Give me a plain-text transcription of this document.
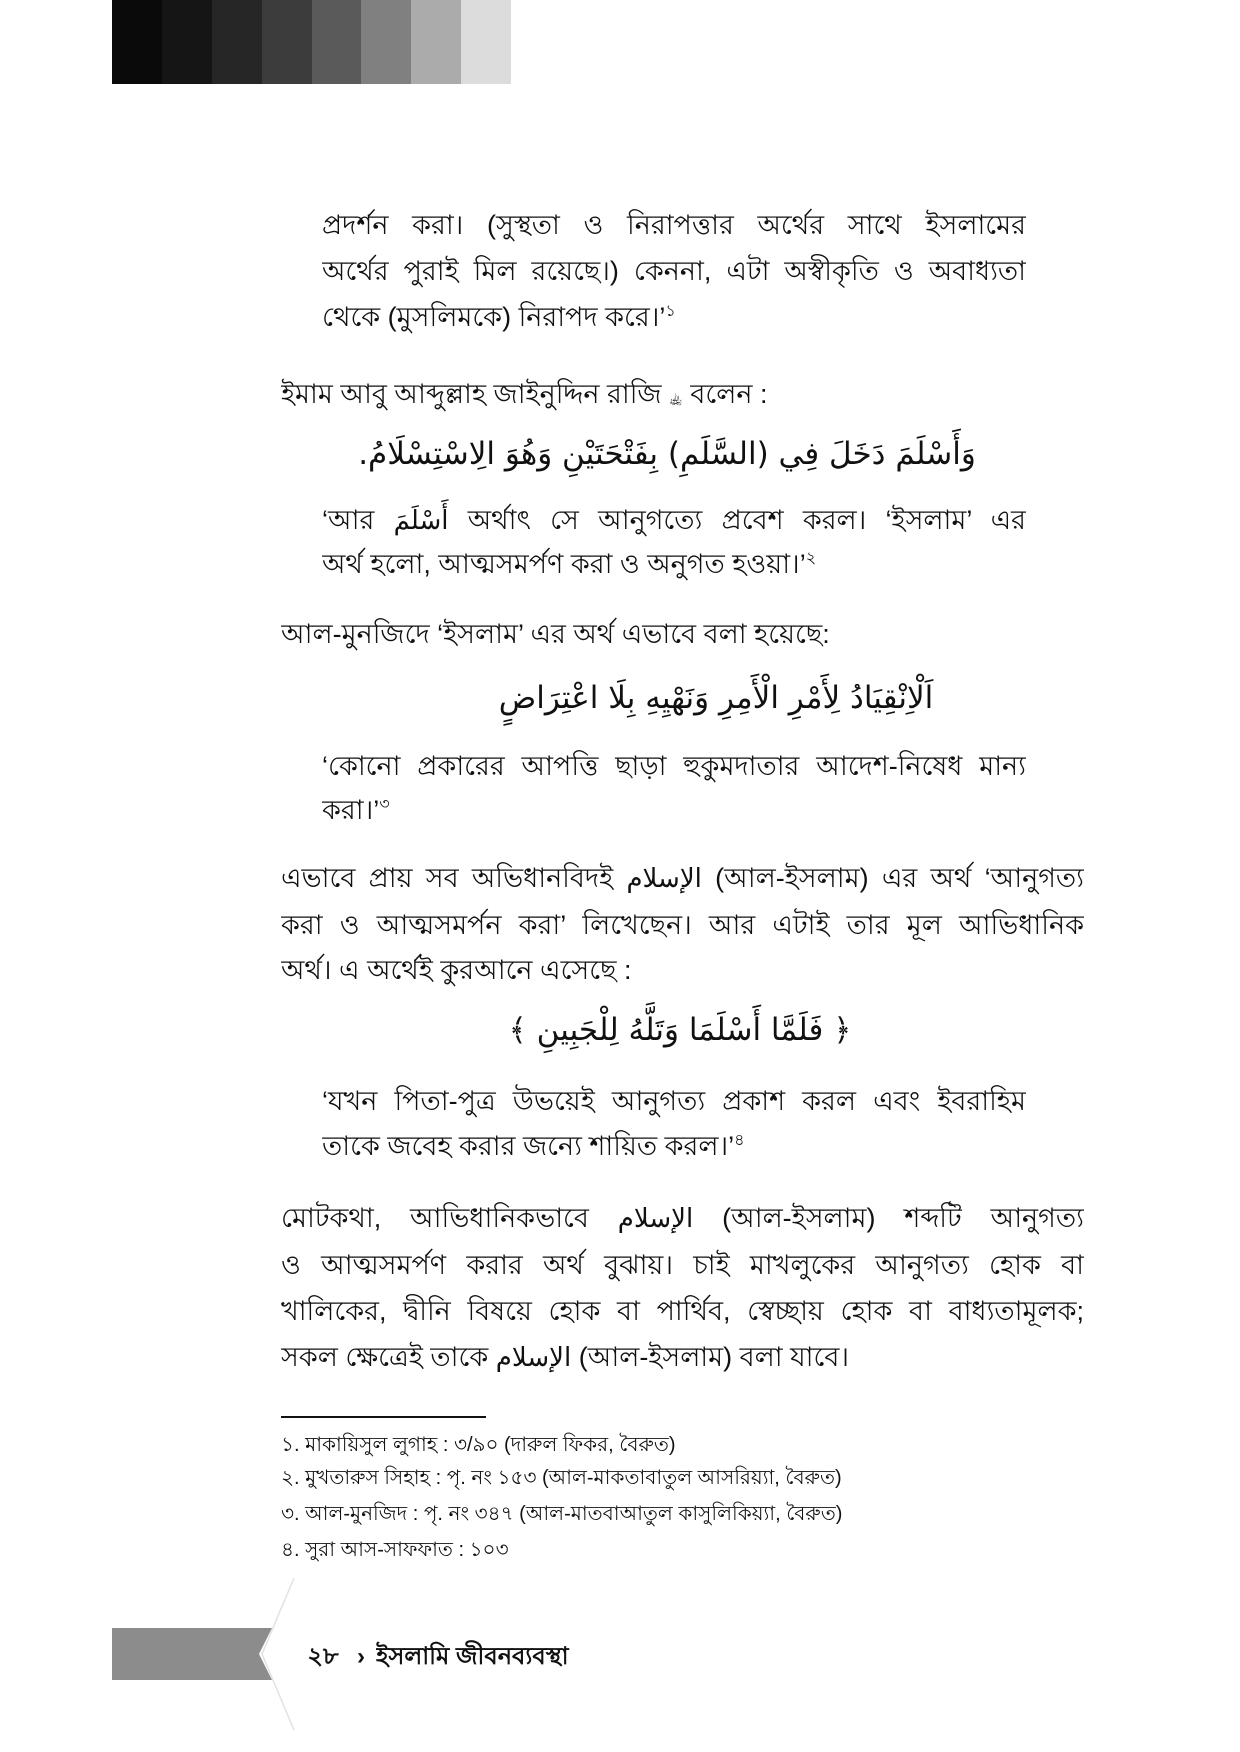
প্রদর্শন করা। (সুস্থতা ও নিরাপত্তার অর্থের সাথে ইসলামের
অর্থের পুরাই মিল রয়েছে।) কেননা, এটা অস্বীকৃতি ও অবাধ্যতা
থেকে (মুসলিমকে) নিরাপদ করে।’$^১$
ইমাম আবু আব্দুল্লাহ জাইনুদ্দিন রাজি ﵀ বলেন :
وَأَسْلَمَ دَخَلَ فِي (السَّلَمِ) بِفَتْحَتَيْنِ وَهُوَ الِاسْتِسْلَامُ.
‘আর أَسْلَمَ অর্থাৎ সে আনুগত্যে প্রবেশ করল। ‘ইসলাম’ এর
অর্থ হলো, আত্মসমর্পণ করা ও অনুগত হওয়া।’$^২$
আল-মুনজিদে ‘ইসলাম’ এর অর্থ এভাবে বলা হয়েছে:
اَلْاِنْقِيَادُ لِأَمْرِ الْأَمِرِ وَنَهْيِهِ بِلَا اعْتِرَاضٍ
‘কোনো প্রকারের আপত্তি ছাড়া হুকুমদাতার আদেশ-নিষেধ মান্য
করা।’$^৩$
এভাবে প্রায় সব অভিধানবিদই الإسلام (আল-ইসলাম) এর অর্থ ‘আনুগত্য
করা ও আত্মসমর্পন করা’ লিখেছেন। আর এটাই তার মূল আভিধানিক
অর্থ। এ অর্থেই কুরআনে এসেছে :
﴿ فَلَمَّا أَسْلَمَا وَتَلَّهُ لِلْجَبِينِ ﴾
‘যখন পিতা-পুত্র উভয়েই আনুগত্য প্রকাশ করল এবং ইবরাহিম
তাকে জবেহ করার জন্যে শায়িত করল।’$^৪$
মোটকথা, আভিধানিকভাবে الإسلام (আল-ইসলাম) শব্দটি আনুগত্য
ও আত্মসমর্পণ করার অর্থ বুঝায়। চাই মাখলুকের আনুগত্য হোক বা
খালিকের, দ্বীনি বিষয়ে হোক বা পার্থিব, স্বেচ্ছায় হোক বা বাধ্যতামূলক;
সকল ক্ষেত্রেই তাকে الإسلام (আল-ইসলাম) বলা যাবে।
১. মাকায়িসুল লুগাহ : ৩/৯০ (দারুল ফিকর, বৈরুত)
২. মুখতারুস সিহাহ : পৃ. নং ১৫৩ (আল-মাকতাবাতুল আসরিয়্যা, বৈরুত)
৩. আল-মুনজিদ : পৃ. নং ৩৪৭ (আল-মাতবাআতুল কাসুলিকিয়্যা, বৈরুত)
৪. সুরা আস-সাফফাত : ১০৩
২৮ › ইসলামি জীবনব্যবস্থা
